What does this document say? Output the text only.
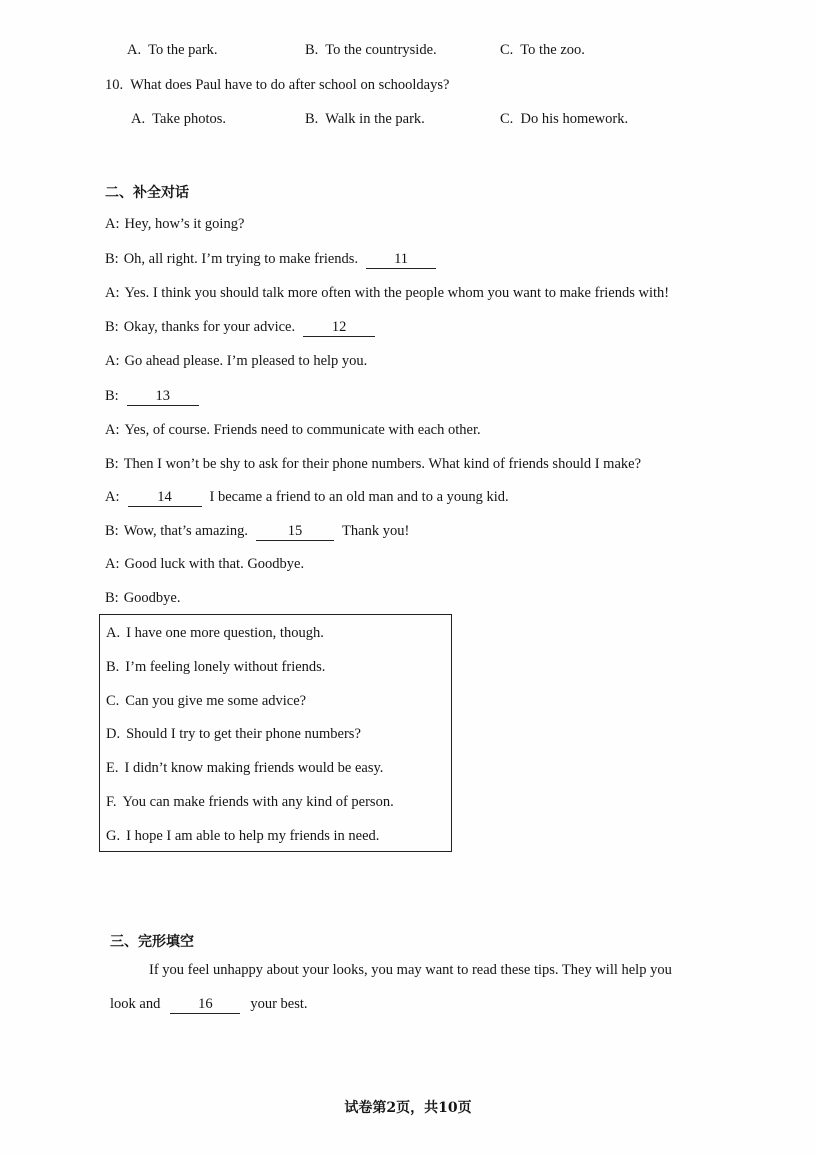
A. To the park.	B. To the countryside.	C. To the zoo.
10. What does Paul have to do after school on schooldays?
A. Take photos.	B. Walk in the park.	C. Do his homework.
二、补全对话
A: Hey, how’s it going?
B: Oh, all right. I’m trying to make friends.	11
A: Yes. I think you should talk more often with the people whom you want to make friends with!
B: Okay, thanks for your advice.	12
A: Go ahead please. I’m pleased to help you.
B:	13
A: Yes, of course. Friends need to communicate with each other.
B: Then I won’t be shy to ask for their phone numbers. What kind of friends should I make?
A:	14	I became a friend to an old man and to a young kid.
B: Wow, that’s amazing.	15	Thank you!
A: Good luck with that. Goodbye.
B: Goodbye.
A. I have one more question, though.
B. I’m feeling lonely without friends.
C. Can you give me some advice?
D. Should I try to get their phone numbers?
E. I didn’t know making friends would be easy.
F. You can make friends with any kind of person.
G. I hope I am able to help my friends in need.
三、完形填空
If you feel unhappy about your looks, you may want to read these tips. They will help you
look and	16	your best.
试卷第2页，共10页
